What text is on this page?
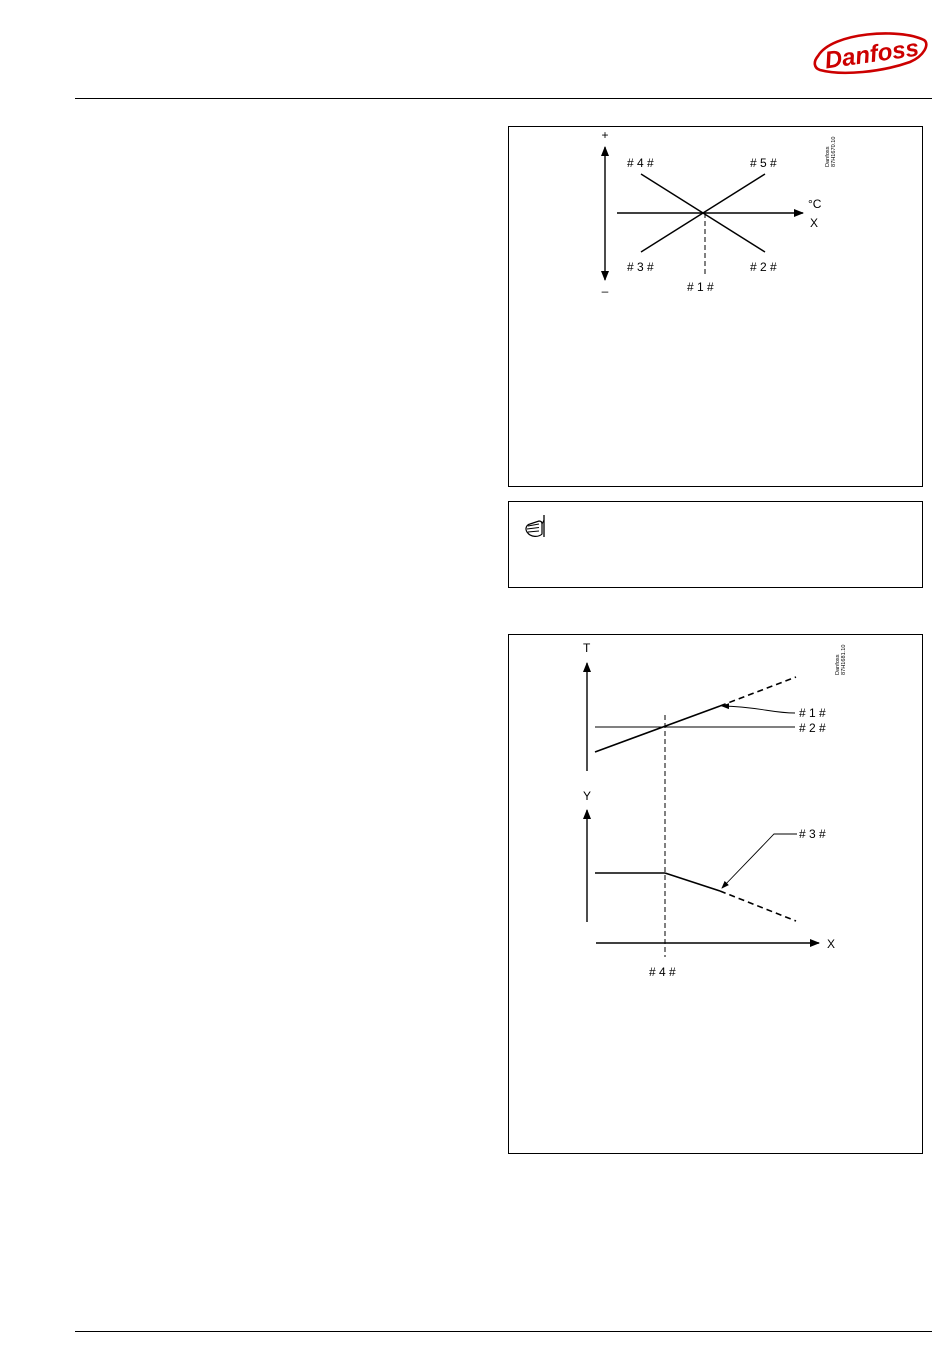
Danfoss
+
–
°C
X
# 4 #	# 5 #
# 3 #	# 2 #
# 1 #
Danfoss 87H1670.10
T
Y
X
# 1 #
# 2 #
# 3 #
# 4 #
Danfoss 87H1681.10
